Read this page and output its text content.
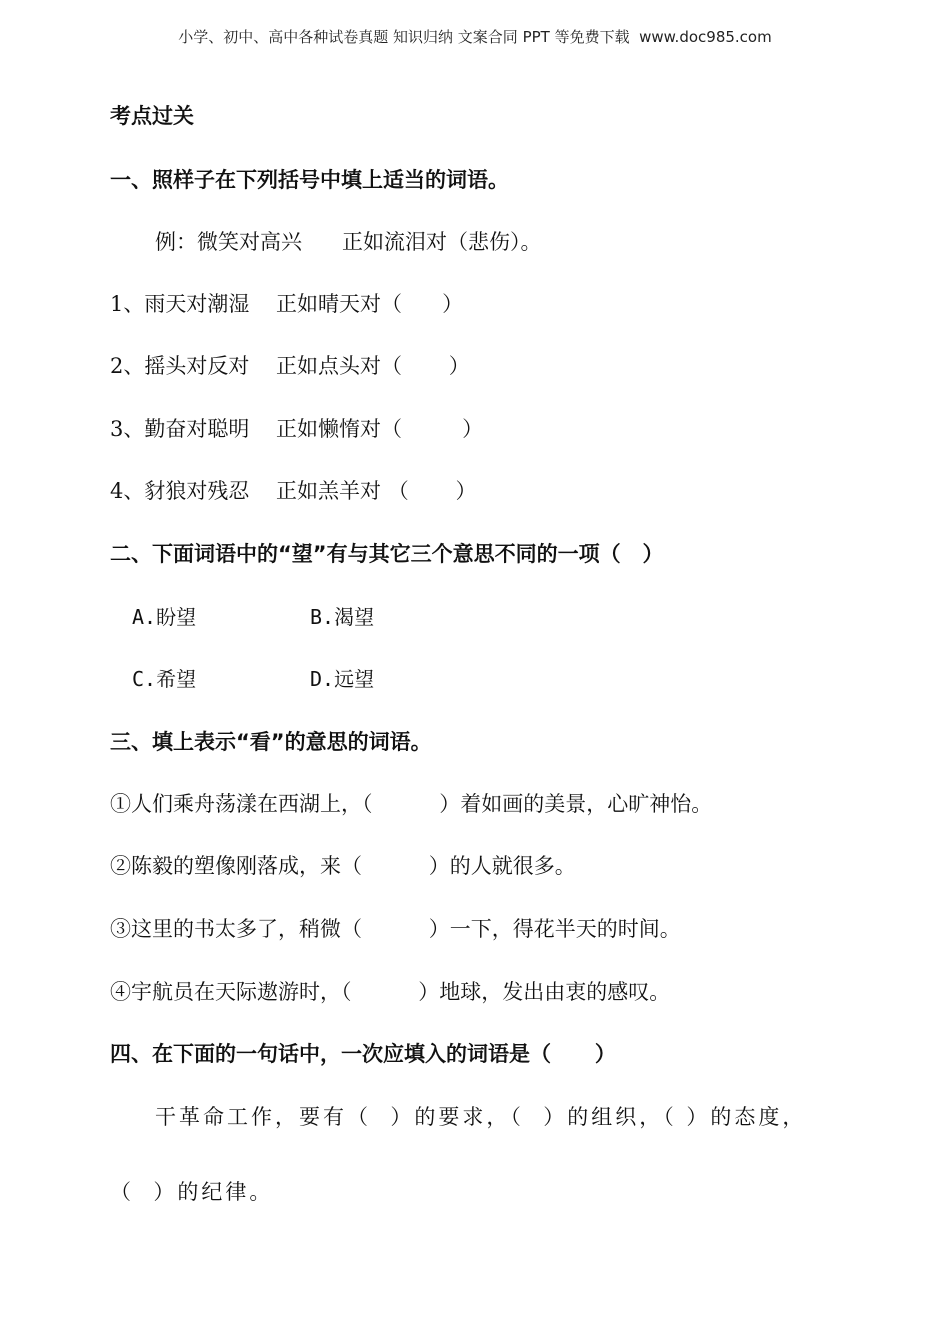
小学、初中、高中各种试卷真题 知识归纳 文案合同 PPT 等免费下载  www.doc985.com
考点过关
一、照样子在下列括号中填上适当的词语。
例：微笑对高兴      正如流泪对（悲伤）。
1、雨天对潮湿    正如晴天对（      ）
2、摇头对反对    正如点头对（       ）
3、勤奋对聪明    正如懒惰对（         ）
4、豺狼对残忍    正如羔羊对 （       ）
二、下面词语中的“望”有与其它三个意思不同的一项（   ）
A.盼望	B.渴望
C.希望	D.远望
三、填上表示“看”的意思的词语。
①人们乘舟荡漾在西湖上，（          ）着如画的美景，心旷神怡。
②陈毅的塑像刚落成，来（          ）的人就很多。
③这里的书太多了，稍微（          ）一下，得花半天的时间。
④宇航员在天际遨游时，（          ）地球，发出由衷的感叹。
四、在下面的一句话中，一次应填入的词语是（      ）
干革命工作，要有（  ）的要求，（  ）的组织，（ ）的态度，
（  ）的纪律。
